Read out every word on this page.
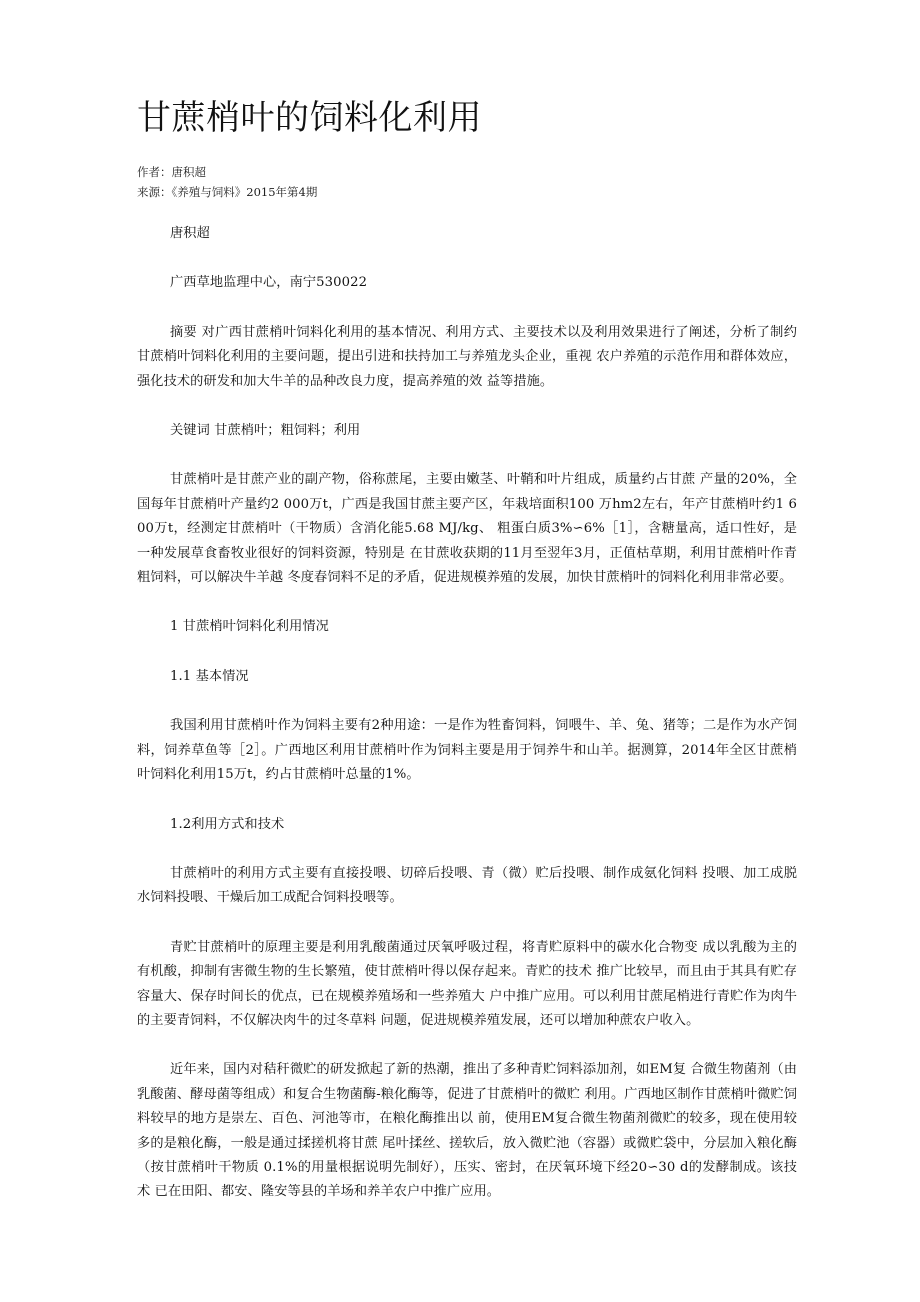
甘蔗梢叶的饲料化利用
作者：唐积超
来源：《养殖与饲料》2015年第4期

唐积超

广西草地监理中心，南宁530022

摘要 对广西甘蔗梢叶饲料化利用的基本情况、利用方式、主要技术以及利用效果进行了阐述，分析了制约甘蔗梢叶饲料化利用的主要问题，提出引进和扶持加工与养殖龙头企业，重视 农户养殖的示范作用和群体效应，强化技术的研发和加大牛羊的品种改良力度，提高养殖的效 益等措施。

关键词 甘蔗梢叶；粗饲料；利用

甘蔗梢叶是甘蔗产业的副产物，俗称蔗尾，主要由嫩茎、叶鞘和叶片组成，质量约占甘蔗 产量的20%，全国每年甘蔗梢叶产量约2 000万t，广西是我国甘蔗主要产区，年栽培面积100 万hm2左右，年产甘蔗梢叶约1 600万t，经测定甘蔗梢叶（干物质）含消化能5.68 MJ/kg、 粗蛋白质3%∽6%［1］，含糖量高，适口性好，是一种发展草食畜牧业很好的饲料资源，特别是 在甘蔗收获期的11月至翌年3月，正值枯草期，利用甘蔗梢叶作青粗饲料，可以解决牛羊越 冬度春饲料不足的矛盾，促进规模养殖的发展，加快甘蔗梢叶的饲料化利用非常必要。

1 甘蔗梢叶饲料化利用情况

1.1 基本情况

我国利用甘蔗梢叶作为饲料主要有2种用途：一是作为牲畜饲料，饲喂牛、羊、兔、猪等；二是作为水产饲料，饲养草鱼等［2］。广西地区利用甘蔗梢叶作为饲料主要是用于饲养牛和山羊。据测算，2014年全区甘蔗梢叶饲料化利用15万t，约占甘蔗梢叶总量的1%。

1.2利用方式和技术

甘蔗梢叶的利用方式主要有直接投喂、切碎后投喂、青（微）贮后投喂、制作成氨化饲料 投喂、加工成脱水饲料投喂、干燥后加工成配合饲料投喂等。

青贮甘蔗梢叶的原理主要是利用乳酸菌通过厌氧呼吸过程，将青贮原料中的碳水化合物变 成以乳酸为主的有机酸，抑制有害微生物的生长繁殖，使甘蔗梢叶得以保存起来。青贮的技术 推广比较早，而且由于其具有贮存容量大、保存时间长的优点，已在规模养殖场和一些养殖大 户中推广应用。可以利用甘蔗尾梢进行青贮作为肉牛的主要青饲料，不仅解决肉牛的过冬草料 问题，促进规模养殖发展，还可以增加种蔗农户收入。

近年来，国内对秸秆微贮的研发掀起了新的热潮，推出了多种青贮饲料添加剂，如EM复 合微生物菌剂（由乳酸菌、酵母菌等组成）和复合生物菌酶-粮化酶等，促进了甘蔗梢叶的微贮 利用。广西地区制作甘蔗梢叶微贮饲料较早的地方是崇左、百色、河池等市，在粮化酶推出以 前，使用EM复合微生物菌剂微贮的较多，现在使用较多的是粮化酶，一般是通过揉搓机将甘蔗 尾叶揉丝、搓软后，放入微贮池（容器）或微贮袋中，分层加入粮化酶（按甘蔗梢叶干物质 0.1%的用量根据说明先制好），压实、密封，在厌氧环境下经20∽30 d的发酵制成。该技术 已在田阳、都安、隆安等县的羊场和养羊农户中推广应用。
